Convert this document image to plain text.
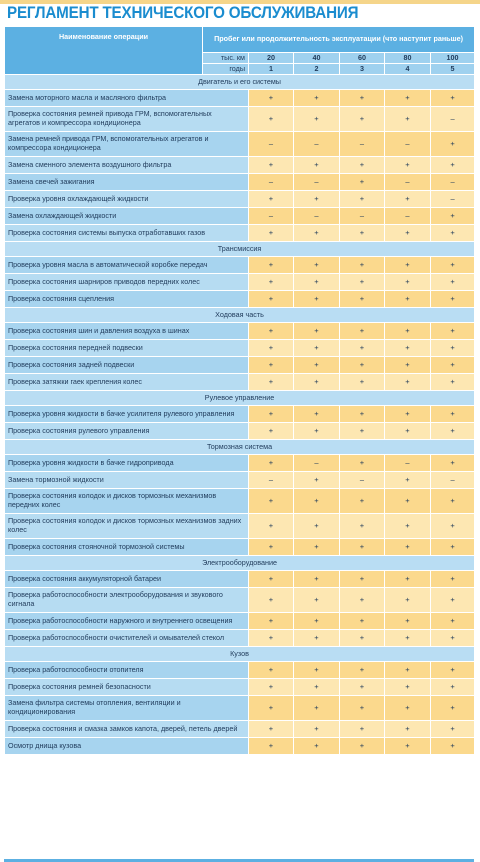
РЕГЛАМЕНТ ТЕХНИЧЕСКОГО ОБСЛУЖИВАНИЯ
Наименование операции	Пробег или продолжительность эксплуатации (что наступит раньше)					
	тыс. км	20	40	60	80	100
	годы	1	2	3	4	5
Двигатель и его системы						
Замена моторного масла и масляного фильтра		+	+	+	+	+
Проверка состояния ремней привода ГРМ, вспомогательных агрегатов и компрессора кондиционера		+	+	+	+	–
Замена ремней привода ГРМ, вспомогательных агрегатов и компрессора кондиционера		–	–	–	–	+
Замена сменного элемента воздушного фильтра		+	+	+	+	+
Замена свечей зажигания		–	–	+	–	–
Проверка уровня охлаждающей жидкости		+	+	+	+	–
Замена охлаждающей жидкости		–	–	–	–	+
Проверка состояния системы выпуска отработавших газов		+	+	+	+	+
Трансмиссия						
Проверка уровня масла в автоматической коробке передач		+	+	+	+	+
Проверка состояния шарниров приводов передних колес		+	+	+	+	+
Проверка состояния сцепления		+	+	+	+	+
Ходовая часть						
Проверка состояния шин и давления воздуха в шинах		+	+	+	+	+
Проверка состояния передней подвески		+	+	+	+	+
Проверка состояния задней подвески		+	+	+	+	+
Проверка затяжки гаек крепления колес		+	+	+	+	+
Рулевое управление						
Проверка уровня жидкости в бачке усилителя рулевого управления		+	+	+	+	+
Проверка состояния рулевого управления		+	+	+	+	+
Тормозная система						
Проверка уровня жидкости в бачке гидропривода		+	–	+	–	+
Замена тормозной жидкости		–	+	–	+	–
Проверка состояния колодок и дисков тормозных механизмов передних колес		+	+	+	+	+
Проверка состояния колодок и дисков тормозных механизмов задних колес		+	+	+	+	+
Проверка состояния стояночной тормозной системы		+	+	+	+	+
Электрооборудование						
Проверка состояния аккумуляторной батареи		+	+	+	+	+
Проверка работоспособности электрооборудования и звукового сигнала		+	+	+	+	+
Проверка работоспособности наружного и внутреннего освещения		+	+	+	+	+
Проверка работоспособности очистителей и омывателей стекол		+	+	+	+	+
Кузов						
Проверка работоспособности отопителя		+	+	+	+	+
Проверка состояния ремней безопасности		+	+	+	+	+
Замена фильтра системы отопления, вентиляции и кондиционирования		+	+	+	+	+
Проверка состояния и смазка замков капота, дверей, петель дверей		+	+	+	+	+
Осмотр днища кузова		+	+	+	+	+
